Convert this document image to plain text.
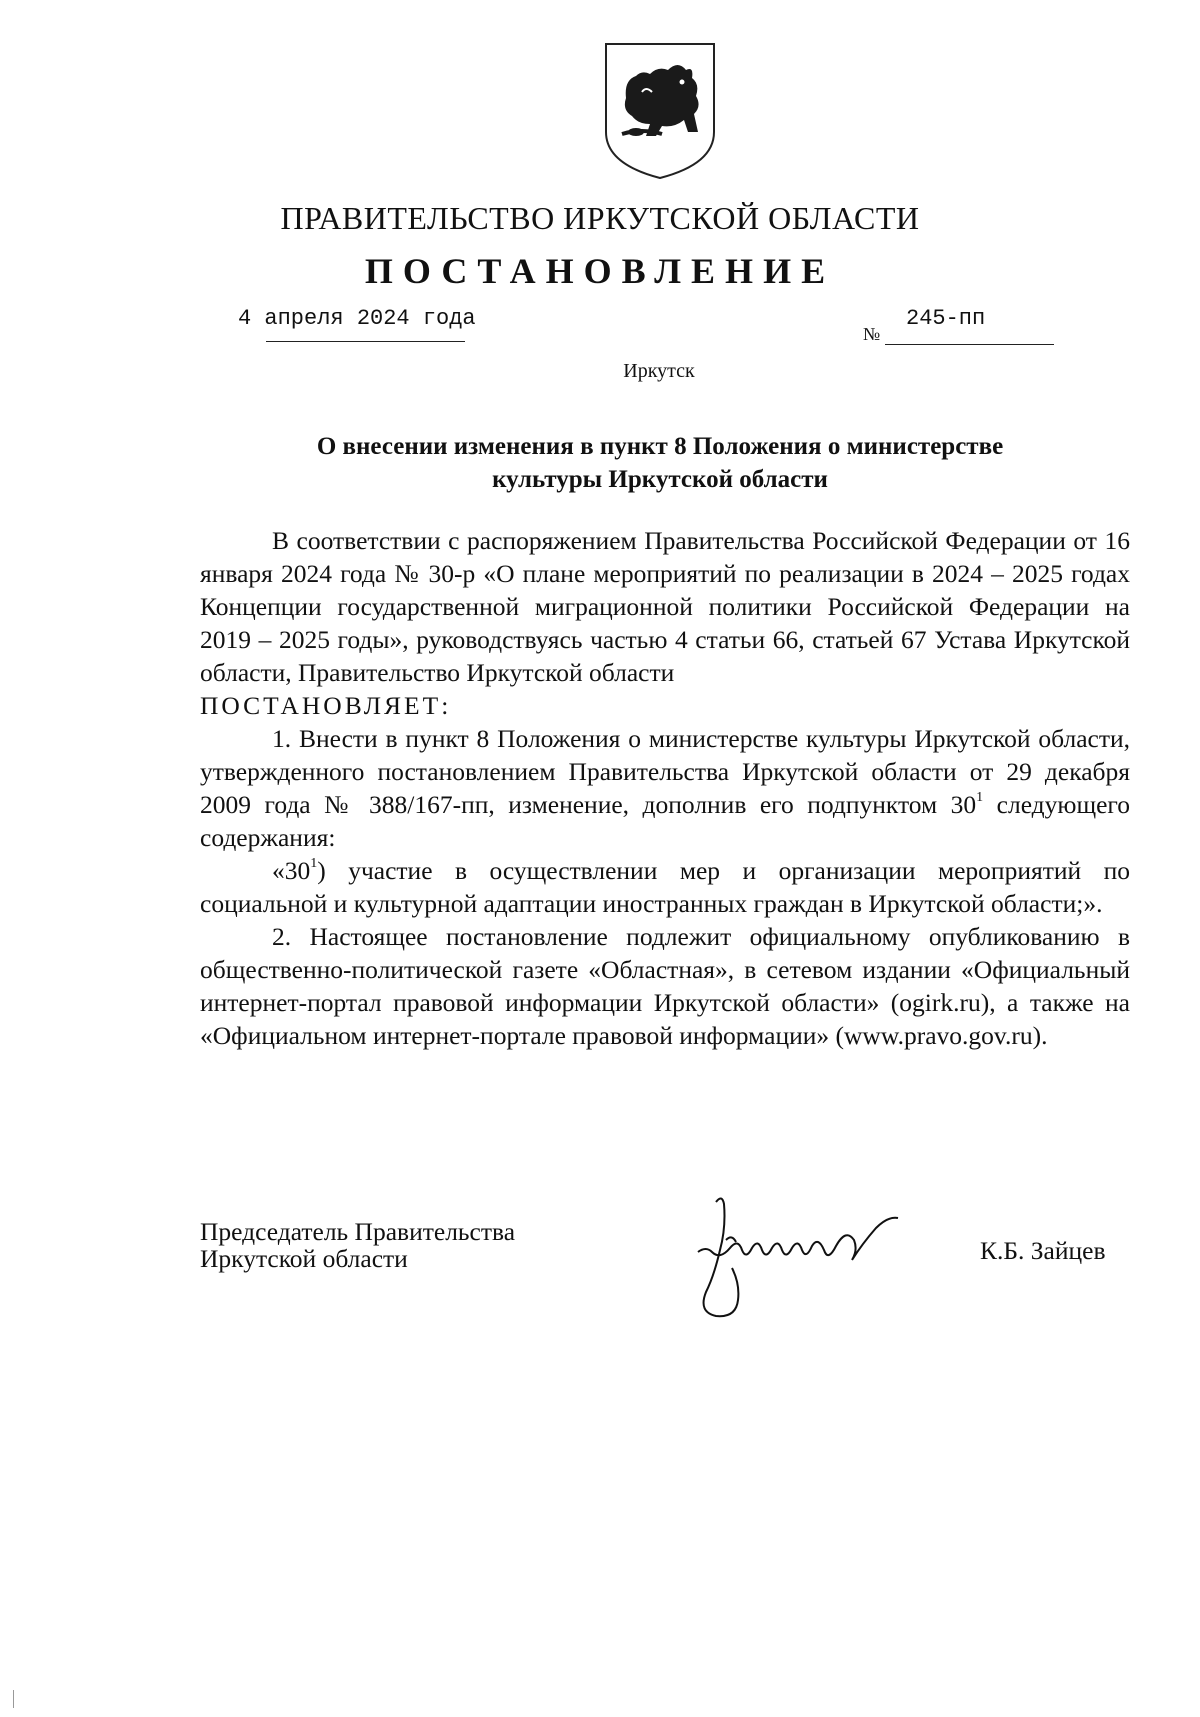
ПРАВИТЕЛЬСТВО ИРКУТСКОЙ ОБЛАСТИ
ПОСТАНОВЛЕНИЕ
4 апреля 2024 года
№
245-пп
Иркутск
О внесении изменения в пункт 8 Положения о министерстве
культуры Иркутской области

В соответствии с распоряжением Правительства Российской Федерации от 16 января 2024 года № 30-р «О плане мероприятий по реализации в 2024 – 2025 годах Концепции государственной миграционной политики Российской Федерации на 2019 – 2025 годы», руководствуясь частью 4 статьи 66, статьей 67 Устава Иркутской области, Правительство Иркутской области

ПОСТАНОВЛЯЕТ:

1. Внести в пункт 8 Положения о министерстве культуры Иркутской области, утвержденного постановлением Правительства Иркутской области от 29 декабря 2009 года № 388/167-пп, изменение, дополнив его подпунктом $30^1$ следующего содержания:

«$30^1$) участие в осуществлении мер и организации мероприятий по социальной и культурной адаптации иностранных граждан в Иркутской области;».

2. Настоящее постановление подлежит официальному опубликованию в общественно-политической газете «Областная», в сетевом издании «Официальный интернет-портал правовой информации Иркутской области» (ogirk.ru), а также на «Официальном интернет-портале правовой информации» (www.pravo.gov.ru).

Председатель Правительства
Иркутской области	К.Б. Зайцев
